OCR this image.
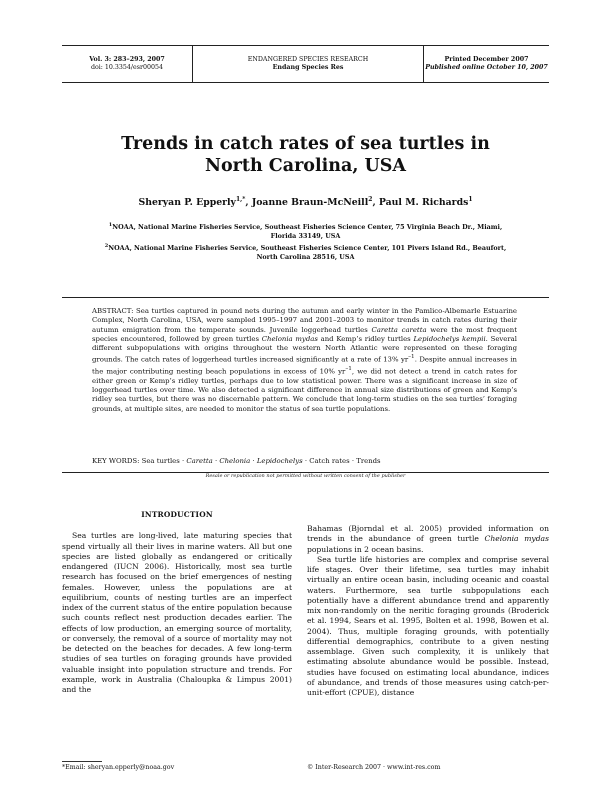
Vol. 3: 283–293, 2007
doi: 10.3354/esr00054
ENDANGERED SPECIES RESEARCH
Endang Species Res
Printed December 2007
Published online October 10, 2007
Trends in catch rates of sea turtles in
North Carolina, USA
Sheryan P. Epperly$^{1,*}$, Joanne Braun-McNeill$^2$, Paul M. Richards$^1$
$^1$NOAA, National Marine Fisheries Service, Southeast Fisheries Science Center, 75 Virginia Beach Dr., Miami,
Florida 33149, USA
$^2$NOAA, National Marine Fisheries Service, Southeast Fisheries Science Center, 101 Pivers Island Rd., Beaufort,
North Carolina 28516, USA
ABSTRACT: Sea turtles captured in pound nets during the autumn and early winter in the Pamlico-Albemarle Estuarine Complex, North Carolina, USA, were sampled 1995–1997 and 2001–2003 to monitor trends in catch rates during their autumn emigration from the temperate sounds. Juvenile loggerhead turtles Caretta caretta were the most frequent species encountered, followed by green turtles Chelonia mydas and Kemp’s ridley turtles Lepidochelys kempii. Several different subpopulations with origins throughout the western North Atlantic were represented on these foraging grounds. The catch rates of loggerhead turtles increased significantly at a rate of 13% $yr^{-1}$. Despite annual increases in the major contributing nesting beach populations in excess of 10% $yr^{-1}$, we did not detect a trend in catch rates for either green or Kemp’s ridley turtles, perhaps due to low statistical power. There was a significant increase in size of loggerhead turtles over time. We also detected a significant difference in annual size distributions of green and Kemp’s ridley sea turtles, but there was no discernable pattern. We conclude that long-term studies on the sea turtles’ foraging grounds, at multiple sites, are needed to monitor the status of sea turtle populations.
KEY WORDS: Sea turtles · Caretta · Chelonia · Lepidochelys · Catch rates · Trends
Resale or republication not permitted without written consent of the publisher
INTRODUCTION

Sea turtles are long-lived, late maturing species that spend virtually all their lives in marine waters. All but one species are listed globally as endangered or critically endangered (IUCN 2006). Historically, most sea turtle research has focused on the brief emergences of nesting females. However, unless the populations are at equilibrium, counts of nesting turtles are an imperfect index of the current status of the entire population because such counts reflect nest production decades earlier. The effects of low production, an emerging source of mortality, or conversely, the removal of a source of mortality may not be detected on the beaches for decades. A few long-term studies of sea turtles on foraging grounds have provided valuable insight into population structure and trends. For example, work in Australia (Chaloupka & Limpus 2001) and the

Bahamas (Bjorndal et al. 2005) provided information on trends in the abundance of green turtle Chelonia mydas populations in 2 ocean basins.

Sea turtle life histories are complex and comprise several life stages. Over their lifetime, sea turtles may inhabit virtually an entire ocean basin, including oceanic and coastal waters. Furthermore, sea turtle subpopulations each potentially have a different abundance trend and apparently mix non-randomly on the neritic foraging grounds (Broderick et al. 1994, Sears et al. 1995, Bolten et al. 1998, Bowen et al. 2004). Thus, multiple foraging grounds, with potentially differential demographics, contribute to a given nesting assemblage. Given such complexity, it is unlikely that estimating absolute abundance would be possible. Instead, studies have focused on estimating local abundance, indices of abundance, and trends of those measures using catch-per-unit-effort (CPUE), distance

*Email: sheryan.epperly@noaa.gov	© Inter-Research 2007 · www.int-res.com
